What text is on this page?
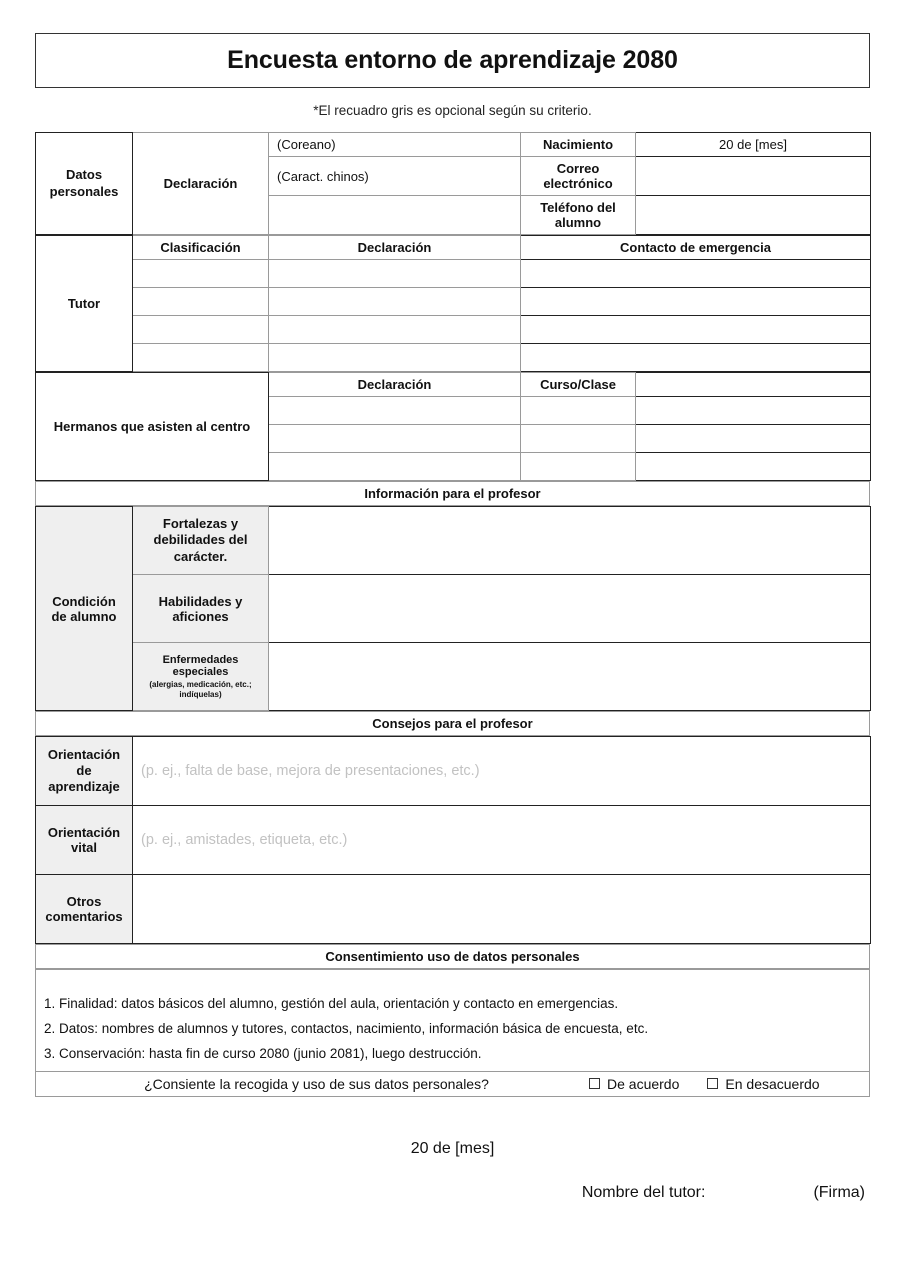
Encuesta entorno de aprendizaje 2080
*El recuadro gris es opcional según su criterio.
Datos personales	Declaración	(Coreano)	Nacimiento	20 de [mes]
		(Caract. chinos)	Correo electrónico	
			Teléfono del alumno	
Tutor	Clasificación	Declaración	Contacto de emergencia

Hermanos que asisten al centro	Declaración	Curso/Clase	

Información para el profesor
Condición de alumno	Fortalezas y debilidades del carácter.	
	Habilidades y aficiones	

	Enfermedades especiales
(alergias, medicación, etc.; indíquelas)	

Consejos para el profesor
Orientación de aprendizaje	(p. ej., falta de base, mejora de presentaciones, etc.)
Orientación vital	(p. ej., amistades, etiqueta, etc.)
Otros comentarios	
Consentimiento uso de datos personales
1. Finalidad: datos básicos del alumno, gestión del aula, orientación y contacto en emergencias.
2. Datos: nombres de alumnos y tutores, contactos, nacimiento, información básica de encuesta, etc.
3. Conservación: hasta fin de curso 2080 (junio 2081), luego destrucción.

¿Consiente la recogida y uso de sus datos personales?	De acuerdo	En desacuerdo
20 de [mes]
Nombre del tutor:	(Firma)
